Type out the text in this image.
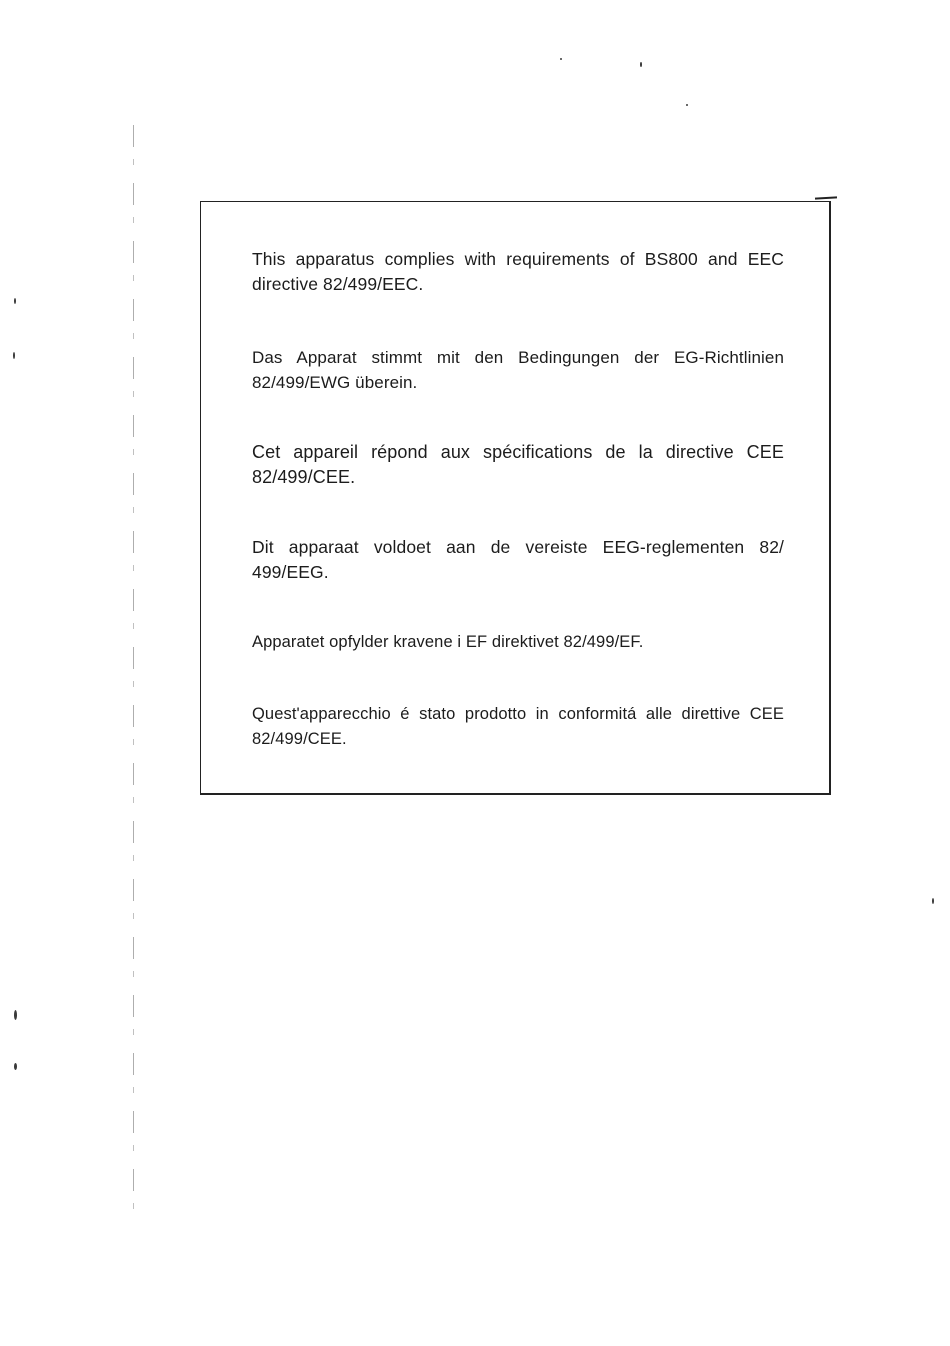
This apparatus complies with requirements of BS800 and EEC directive 82/499/EEC.

Das Apparat stimmt mit den Bedingungen der EG-Richtlinien 82/499/EWG überein.

Cet appareil répond aux spécifications de la directive CEE 82/499/CEE.

Dit apparaat voldoet aan de vereiste EEG-reglementen 82/ 499/EEG.

Apparatet opfylder kravene i EF direktivet 82/499/EF.

Quest'apparecchio é stato prodotto in conformitá alle direttive CEE 82/499/CEE.
